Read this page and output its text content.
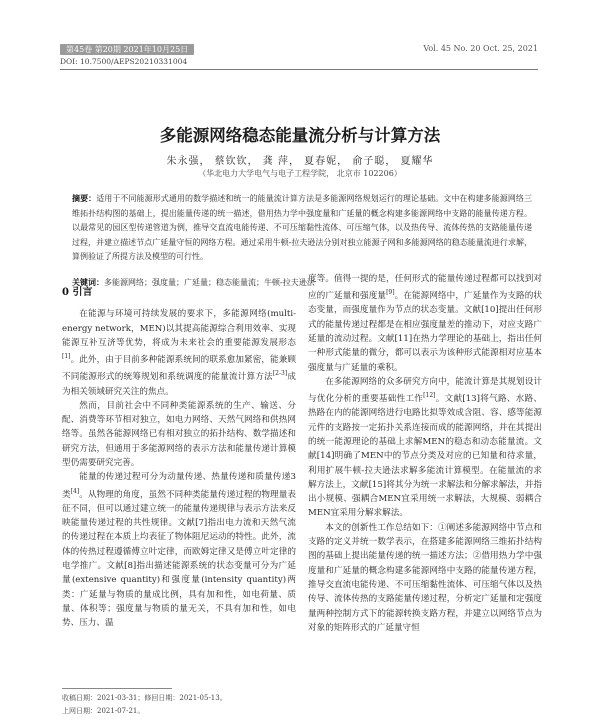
第45卷 第20期 2021年10月25日	Vol. 45 No. 20 Oct. 25, 2021
DOI: 10.7500/AEPS20210331004
多能源网络稳态能量流分析与计算方法
朱永强， 蔡钦钦， 龚 萍， 夏春妮， 俞子聪， 夏耀华
（华北电力大学电气与电子工程学院， 北京市 102206）
摘要：适用于不同能源形式通用的数学描述和统一的能量流计算方法是多能源网络规划运行的理论基础。文中在构建多能源网络三维拓扑结构图的基础上，提出能量传递的统一描述，借用热力学中强度量和广延量的概念构建多能源网络中支路的能量传递方程。以最常见的园区型传递管道为例，推导交直流电能传递、不可压缩黏性流体、可压缩气体，以及热传导、流体传热的支路能量传递过程，并建立描述节点广延量守恒的网络方程。通过采用牛顿-拉夫逊法分别对独立能源子网和多能源网络的稳态能量流进行求解，算例验证了所提方法及模型的可行性。
关键词：多能源网络；强度量；广延量；稳态能量流；牛顿-拉夫逊法
0 引言

在能源与环境可持续发展的要求下，多能源网络(multi-energy network，MEN)以其提高能源综合利用效率、实现能源互补互济等优势，将成为未来社会的重要能源发展形态[1]。此外，由于目前多种能源系统间的联系愈加紧密，能兼顾不同能源形式的统筹规划和系统调度的能量流计算方法[2-3]成为相关领域研究关注的焦点。

然而，目前社会中不同种类能源系统的生产、输送、分配、消费等环节相对独立，如电力网络、天然气网络和供热网络等。虽然各能源网络已有相对独立的拓扑结构、数学描述和研究方法，但通用于多能源网络的表示方法和能量传递计算模型仍需要研究完善。

能量的传递过程可分为动量传递、热量传递和质量传递3类[4]。从物理的角度，虽然不同种类能量传递过程的物理量表征不同，但可以通过建立统一的能量传递规律与表示方法来反映能量传递过程的共性规律。文献[7]指出电力流和天然气流的传递过程在本质上均表征了物体阻尼运动的特性。此外，流体的传热过程遵循傅立叶定律，而欧姆定律又是傅立叶定律的电学推广。文献[8]指出描述能源系统的状态变量可分为广延量(extensive quantity)和强度量(intensity quantity)两类：广延量与物质的量成比例，具有加和性，如电荷量、质量、体积等；强度量与物质的量无关，不具有加和性，如电势、压力、温

度等。值得一提的是，任何形式的能量传递过程都可以找到对应的广延量和强度量[9]。在能源网络中，广延量作为支路的状态变量，而强度量作为节点的状态变量。文献[10]提出任何形式的能量传递过程都是在相应强度量差的推动下，对应支路广延量的流动过程。文献[11]在热力学理论的基础上，指出任何一种形式能量的微分，都可以表示为该种形式能源相对应基本强度量与广延量的乘积。

在多能源网络的众多研究方向中，能流计算是其规划设计与优化分析的重要基础性工作[12]。文献[13]将气路、水路、热路在内的能源网络进行电路比拟等效成含阻、容、感等能源元件的支路按一定拓扑关系连接而成的能源网络，并在其提出的统一能源理论的基础上求解MEN的稳态和动态能量流。文献[14]明确了MEN中的节点分类及对应的已知量和待求量，利用扩展牛顿-拉夫逊法求解多能流计算模型。在能量流的求解方法上，文献[15]将其分为统一求解法和分解求解法，并指出小规模、强耦合MEN宜采用统一求解法，大规模、弱耦合MEN宜采用分解求解法。

本文的创新性工作总结如下：①阐述多能源网络中节点和支路的定义并统一数学表示，在搭建多能源网络三维拓扑结构图的基础上提出能量传递的统一描述方法；②借用热力学中强度量和广延量的概念构建多能源网络中支路的能量传递方程，推导交直流电能传递、不可压缩黏性流体、可压缩气体以及热传导、流体传热的支路能量传递过程，分析定广延量和定强度量两种控制方式下的能源转换支路方程，并建立以网络节点为对象的矩阵形式的广延量守恒

收稿日期：2021-03-31；修回日期：2021-05-13。
上网日期：2021-07-21。
